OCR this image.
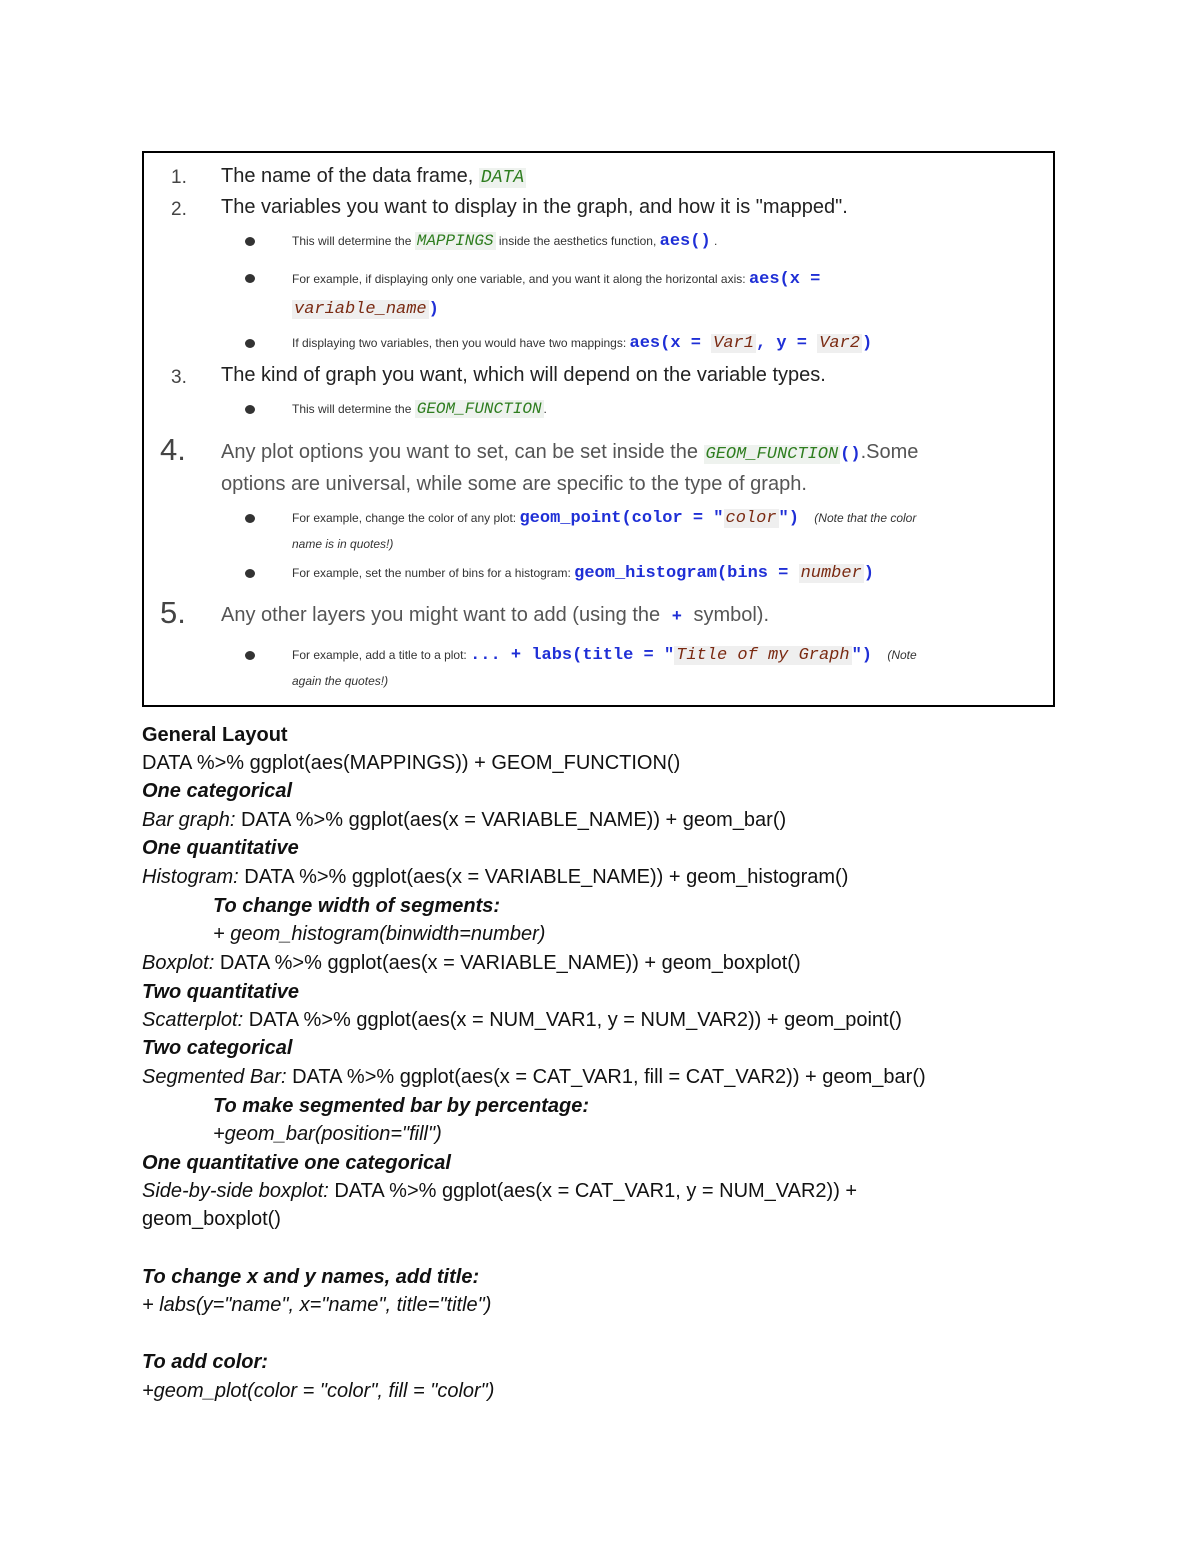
1. The name of the data frame, DATA
2. The variables you want to display in the graph, and how it is "mapped".
This will determine the MAPPINGS inside the aesthetics function, aes() .
For example, if displaying only one variable, and you want it along the horizontal axis: aes(x =
variable_name )
If displaying two variables, then you would have two mappings: aes(x = Var1 , y = Var2 )
3. The kind of graph you want, which will depend on the variable types.
This will determine the GEOM_FUNCTION .
4. Any plot options you want to set, can be set inside the GEOM_FUNCTION ().Some
options are universal, while some are specific to the type of graph.
For example, change the color of any plot: geom_point(color = " color ") (Note that the color
name is in quotes!)
For example, set the number of bins for a histogram: geom_histogram(bins = number )
5. Any other layers you might want to add (using the + symbol).
For example, add a title to a plot: ... + labs(title = " Title of my Graph ") (Note
again the quotes!)
General Layout
DATA %>% ggplot(aes(MAPPINGS)) + GEOM_FUNCTION()
One categorical
Bar graph: DATA %>% ggplot(aes(x = VARIABLE_NAME)) + geom_bar()
One quantitative
Histogram: DATA %>% ggplot(aes(x = VARIABLE_NAME)) + geom_histogram()
To change width of segments:
+ geom_histogram(binwidth=number)
Boxplot: DATA %>% ggplot(aes(x = VARIABLE_NAME)) + geom_boxplot()
Two quantitative
Scatterplot: DATA %>% ggplot(aes(x = NUM_VAR1, y = NUM_VAR2)) + geom_point()
Two categorical
Segmented Bar: DATA %>% ggplot(aes(x = CAT_VAR1, fill = CAT_VAR2)) + geom_bar()
To make segmented bar by percentage:
+geom_bar(position="fill")
One quantitative one categorical
Side-by-side boxplot: DATA %>% ggplot(aes(x = CAT_VAR1, y = NUM_VAR2)) +
geom_boxplot()
To change x and y names, add title:
+ labs(y="name", x="name", title="title")
To add color:
+geom_plot(color = "color", fill = "color")
